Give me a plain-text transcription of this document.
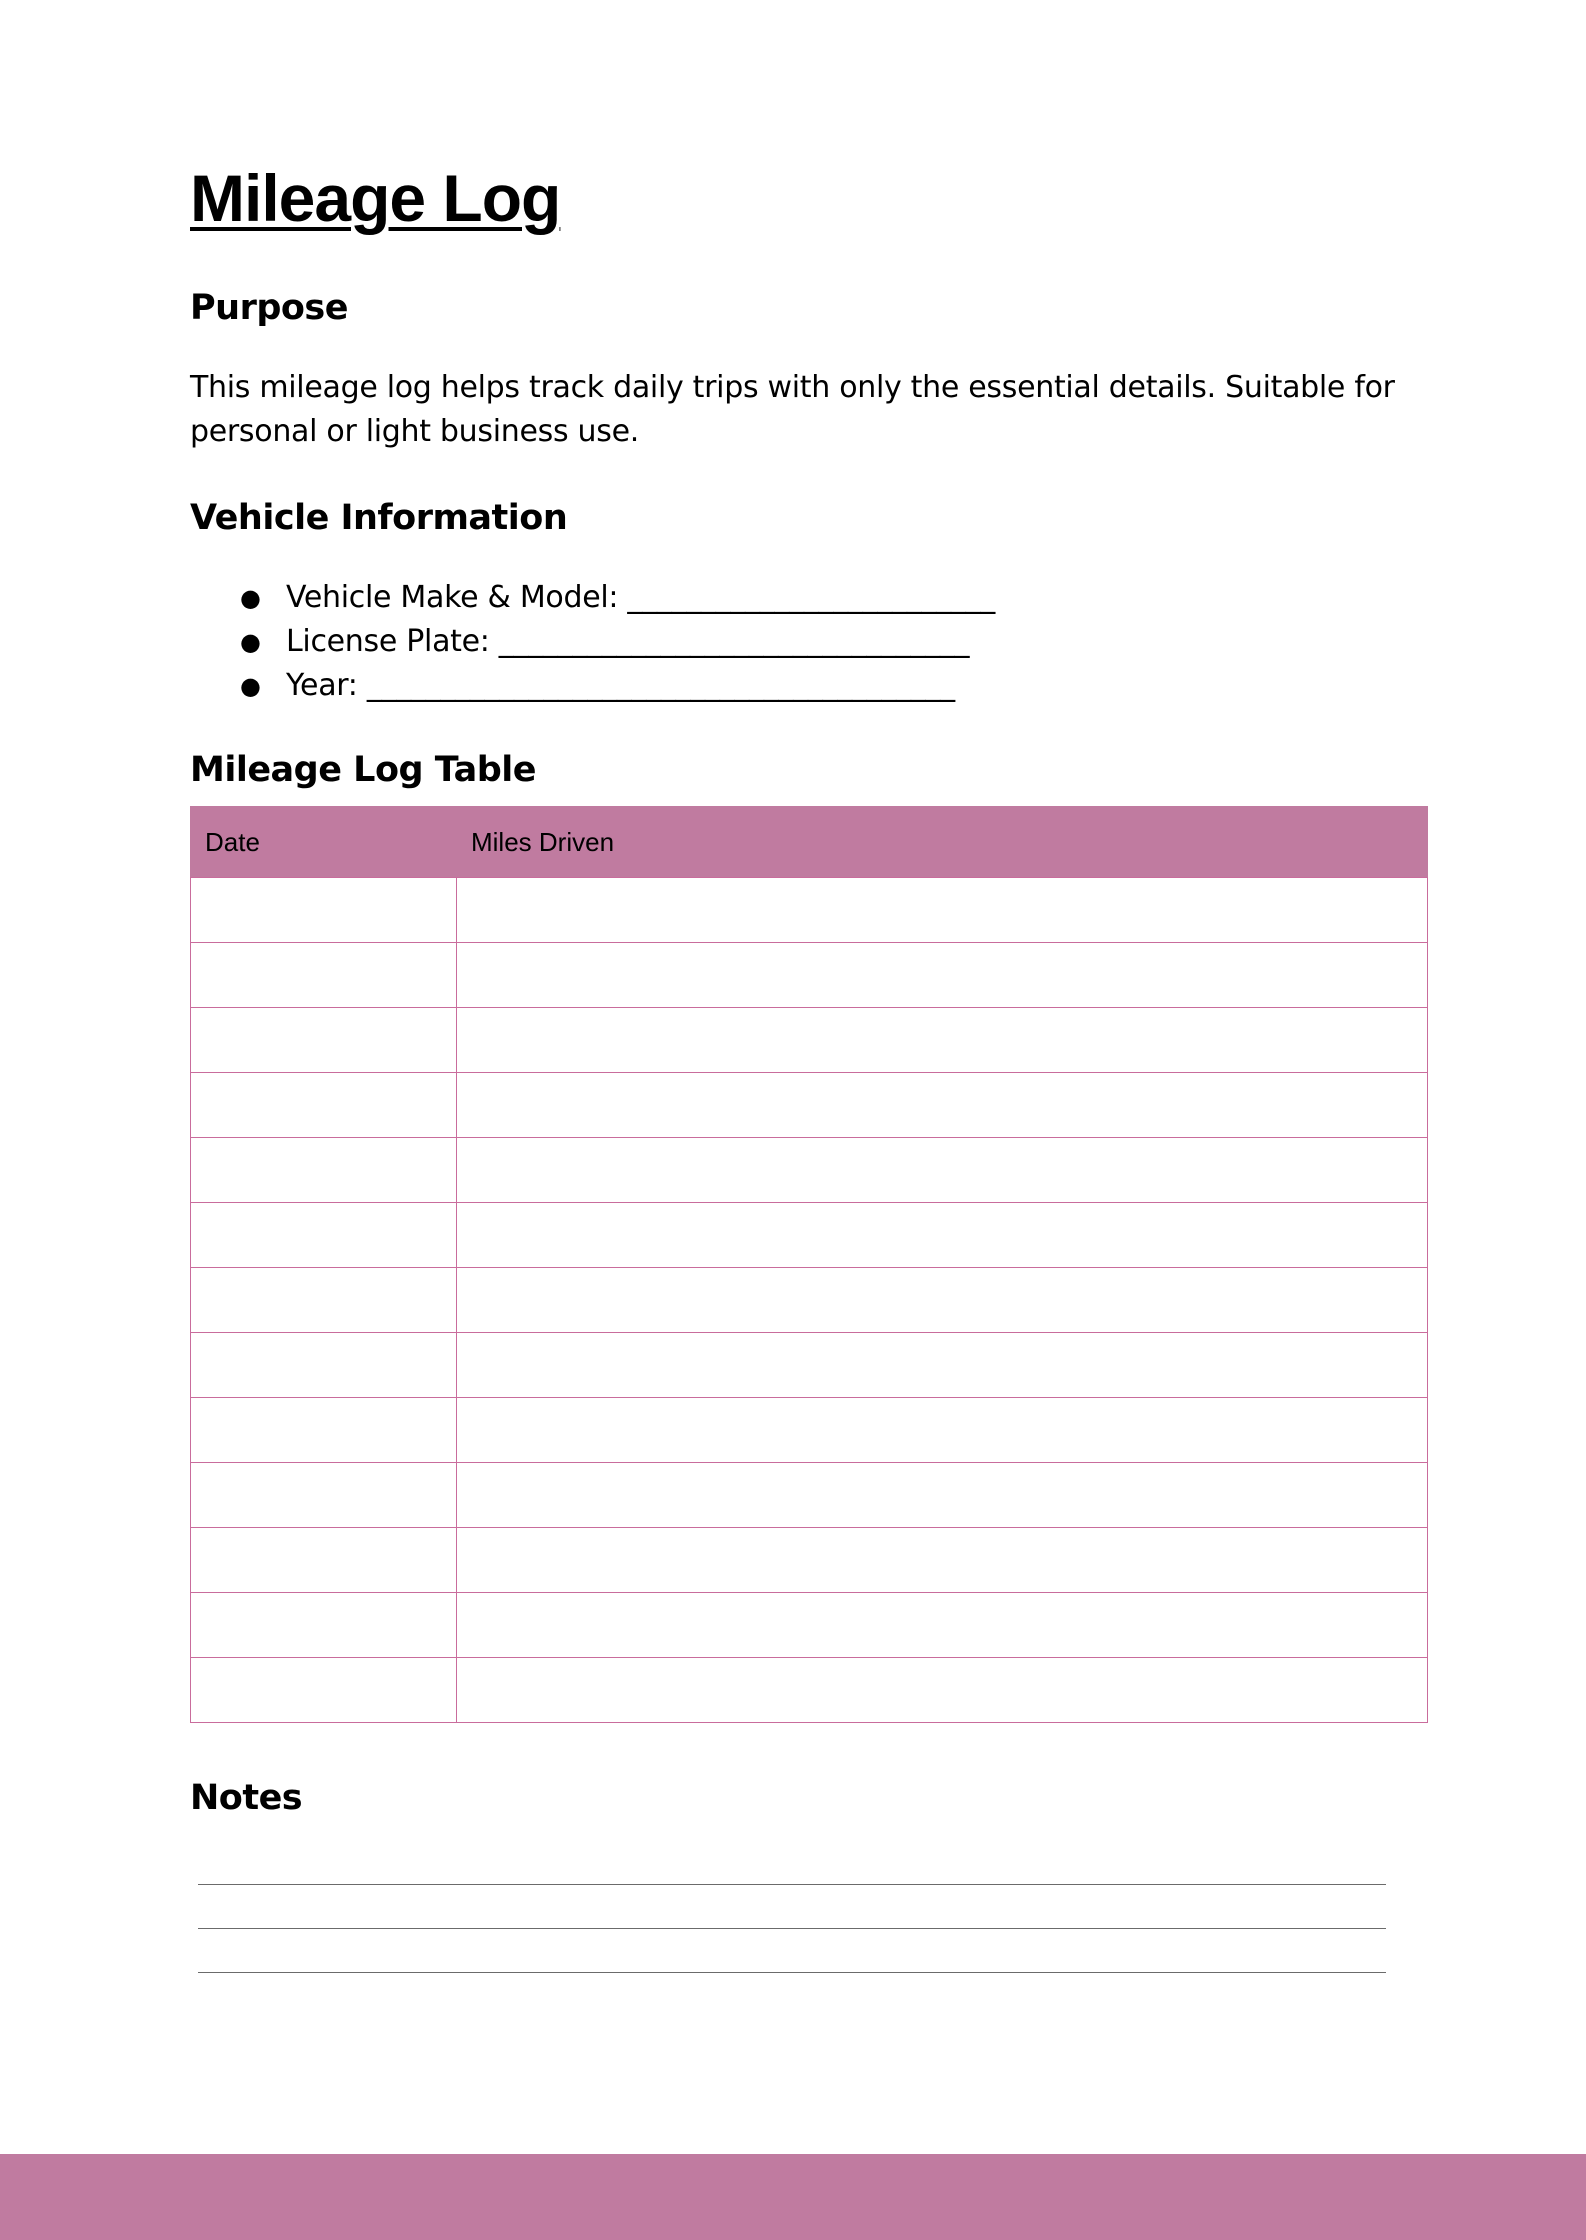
Mileage Log
Purpose

This mileage log helps track daily trips with only the essential details. Suitable for personal or light business use.

Vehicle Information
● Vehicle Make & Model: _________________________
● License Plate: ________________________________
● Year: ________________________________________
Mileage Log Table
Date	Miles Driven

Notes
